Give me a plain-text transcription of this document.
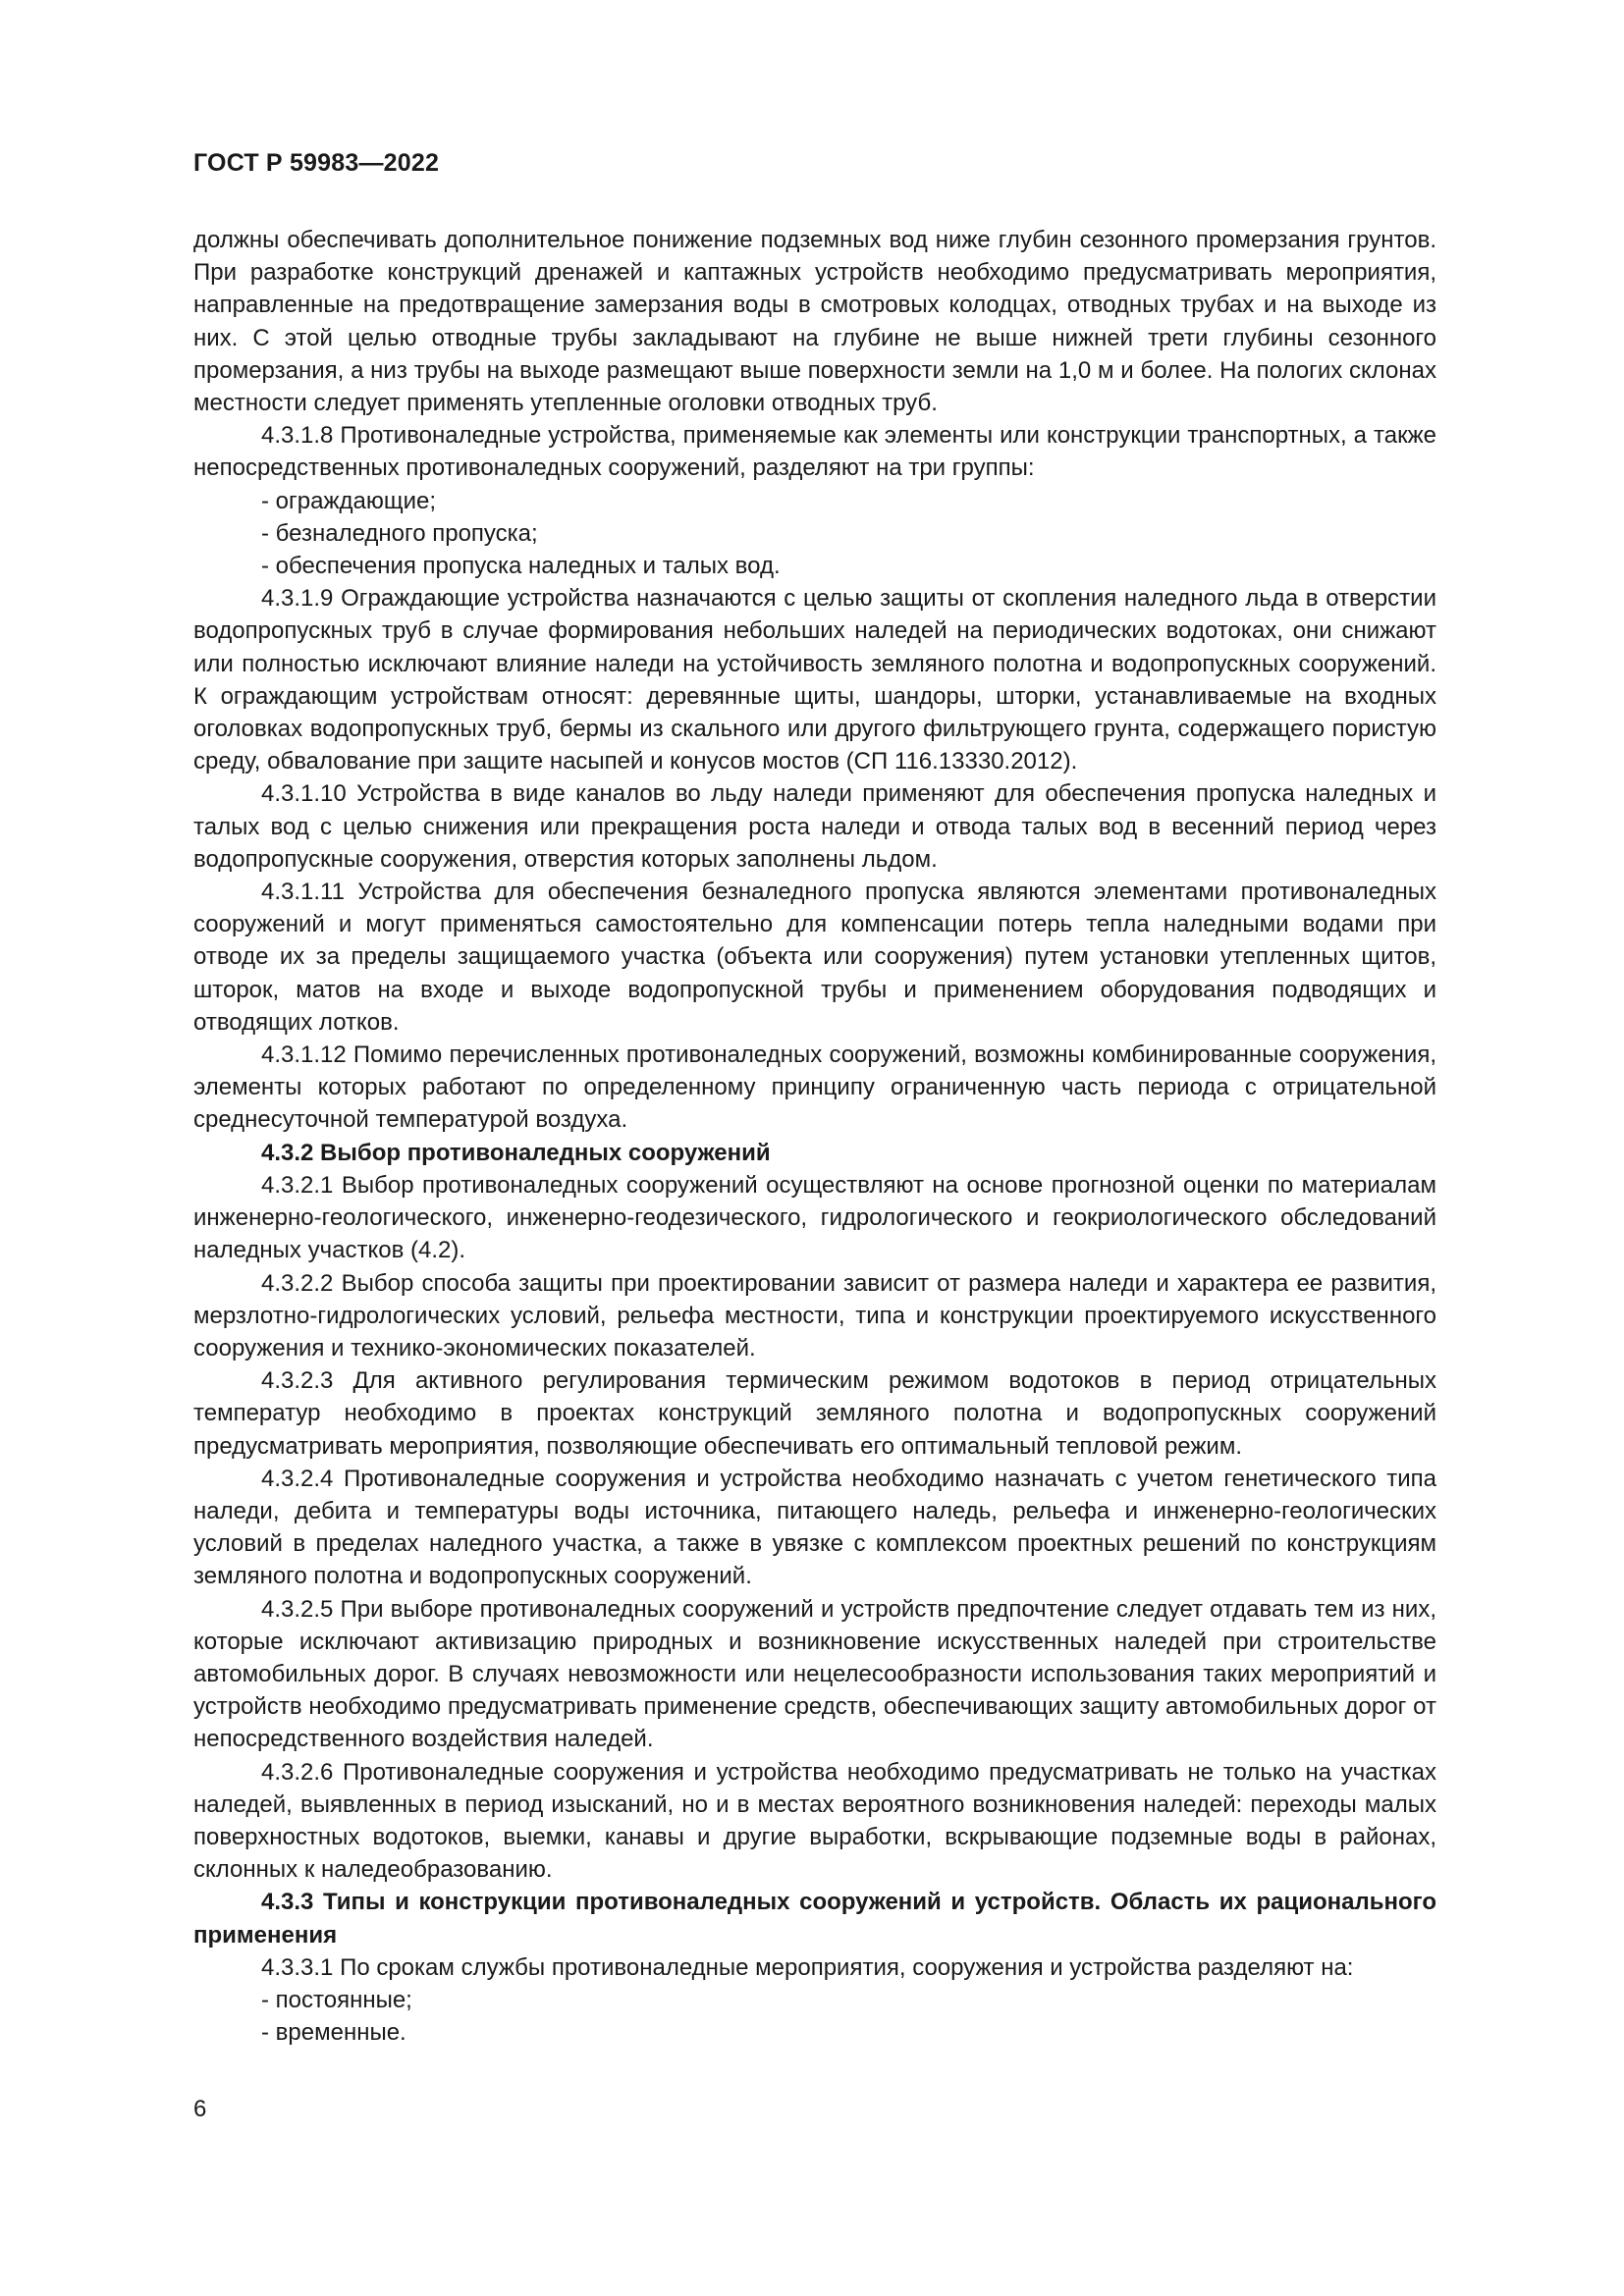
ГОСТ Р 59983—2022

должны обеспечивать дополнительное понижение подземных вод ниже глубин сезонного промерзания грунтов. При разработке конструкций дренажей и каптажных устройств необходимо предусматривать мероприятия, направленные на предотвращение замерзания воды в смотровых колодцах, отводных трубах и на выходе из них. С этой целью отводные трубы закладывают на глубине не выше нижней трети глубины сезонного промерзания, а низ трубы на выходе размещают выше поверхности земли на 1,0 м и более. На пологих склонах местности следует применять утепленные оголовки отводных труб.

4.3.1.8 Противоналедные устройства, применяемые как элементы или конструкции транспортных, а также непосредственных противоналедных сооружений, разделяют на три группы:

- ограждающие;

- безналедного пропуска;

- обеспечения пропуска наледных и талых вод.

4.3.1.9 Ограждающие устройства назначаются с целью защиты от скопления наледного льда в отверстии водопропускных труб в случае формирования небольших наледей на периодических водотоках, они снижают или полностью исключают влияние наледи на устойчивость земляного полотна и водопропускных сооружений. К ограждающим устройствам относят: деревянные щиты, шандоры, шторки, устанавливаемые на входных оголовках водопропускных труб, бермы из скального или другого фильтрующего грунта, содержащего пористую среду, обвалование при защите насыпей и конусов мостов (СП 116.13330.2012).

4.3.1.10 Устройства в виде каналов во льду наледи применяют для обеспечения пропуска наледных и талых вод с целью снижения или прекращения роста наледи и отвода талых вод в весенний период через водопропускные сооружения, отверстия которых заполнены льдом.

4.3.1.11 Устройства для обеспечения безналедного пропуска являются элементами противоналедных сооружений и могут применяться самостоятельно для компенсации потерь тепла наледными водами при отводе их за пределы защищаемого участка (объекта или сооружения) путем установки утепленных щитов, шторок, матов на входе и выходе водопропускной трубы и применением оборудования подводящих и отводящих лотков.

4.3.1.12 Помимо перечисленных противоналедных сооружений, возможны комбинированные сооружения, элементы которых работают по определенному принципу ограниченную часть периода с отрицательной среднесуточной температурой воздуха.

4.3.2 Выбор противоналедных сооружений

4.3.2.1 Выбор противоналедных сооружений осуществляют на основе прогнозной оценки по материалам инженерно-геологического, инженерно-геодезического, гидрологического и геокриологического обследований наледных участков (4.2).

4.3.2.2 Выбор способа защиты при проектировании зависит от размера наледи и характера ее развития, мерзлотно-гидрологических условий, рельефа местности, типа и конструкции проектируемого искусственного сооружения и технико-экономических показателей.

4.3.2.3 Для активного регулирования термическим режимом водотоков в период отрицательных температур необходимо в проектах конструкций земляного полотна и водопропускных сооружений предусматривать мероприятия, позволяющие обеспечивать его оптимальный тепловой режим.

4.3.2.4 Противоналедные сооружения и устройства необходимо назначать с учетом генетического типа наледи, дебита и температуры воды источника, питающего наледь, рельефа и инженерно-геологических условий в пределах наледного участка, а также в увязке с комплексом проектных решений по конструкциям земляного полотна и водопропускных сооружений.

4.3.2.5 При выборе противоналедных сооружений и устройств предпочтение следует отдавать тем из них, которые исключают активизацию природных и возникновение искусственных наледей при строительстве автомобильных дорог. В случаях невозможности или нецелесообразности использования таких мероприятий и устройств необходимо предусматривать применение средств, обеспечивающих защиту автомобильных дорог от непосредственного воздействия наледей.

4.3.2.6 Противоналедные сооружения и устройства необходимо предусматривать не только на участках наледей, выявленных в период изысканий, но и в местах вероятного возникновения наледей: переходы малых поверхностных водотоков, выемки, канавы и другие выработки, вскрывающие подземные воды в районах, склонных к наледеобразованию.

4.3.3 Типы и конструкции противоналедных сооружений и устройств. Область их рационального применения

4.3.3.1 По срокам службы противоналедные мероприятия, сооружения и устройства разделяют на:

- постоянные;

- временные.

6
